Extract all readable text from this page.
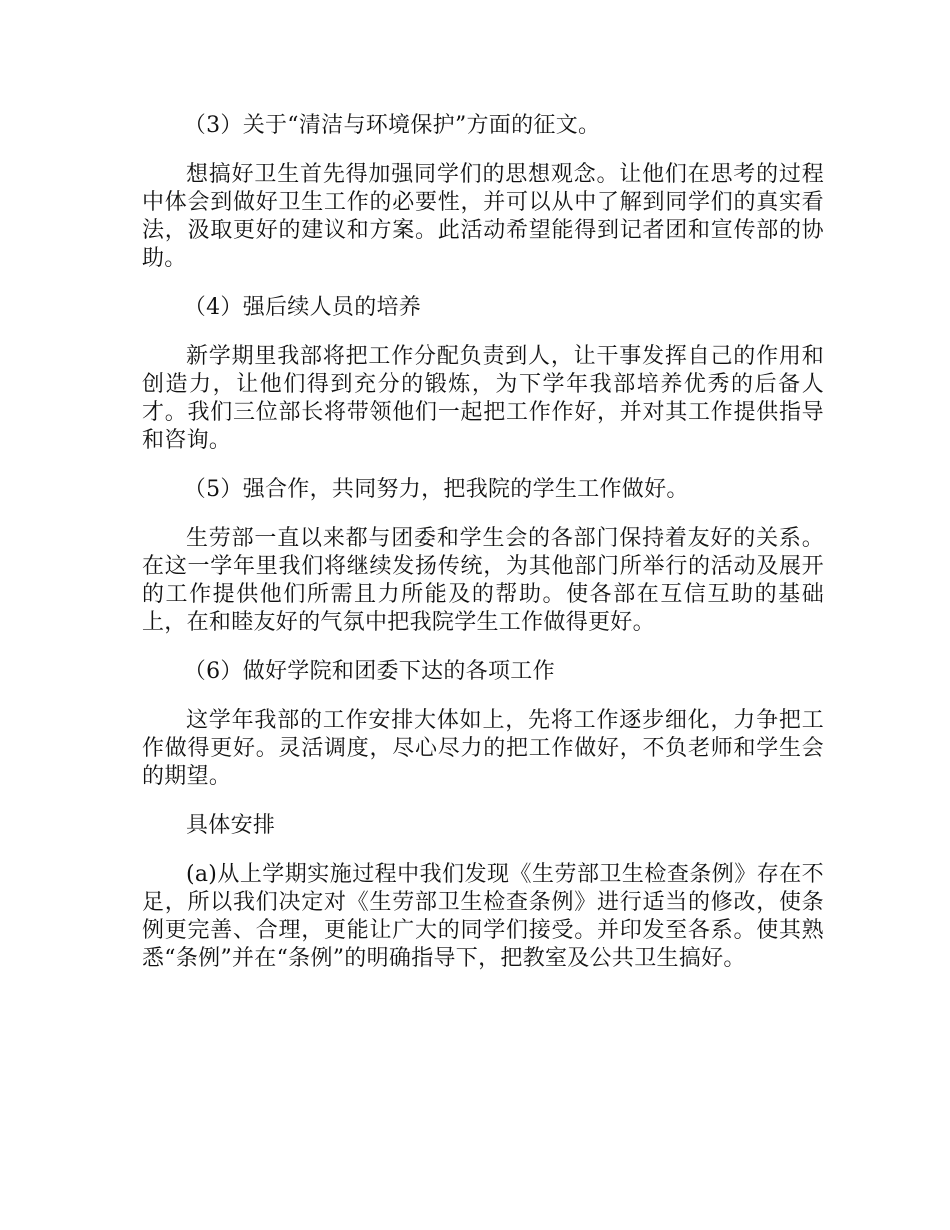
（3）关于“清洁与环境保护”方面的征文。

想搞好卫生首先得加强同学们的思想观念。让他们在思考的过程中体会到做好卫生工作的必要性，并可以从中了解到同学们的真实看法，汲取更好的建议和方案。此活动希望能得到记者团和宣传部的协助。

（4）强后续人员的培养

新学期里我部将把工作分配负责到人，让干事发挥自己的作用和创造力，让他们得到充分的锻炼，为下学年我部培养优秀的后备人才。我们三位部长将带领他们一起把工作作好，并对其工作提供指导和咨询。

（5）强合作，共同努力，把我院的学生工作做好。

生劳部一直以来都与团委和学生会的各部门保持着友好的关系。在这一学年里我们将继续发扬传统，为其他部门所举行的活动及展开的工作提供他们所需且力所能及的帮助。使各部在互信互助的基础上，在和睦友好的气氛中把我院学生工作做得更好。

（6）做好学院和团委下达的各项工作

这学年我部的工作安排大体如上，先将工作逐步细化，力争把工作做得更好。灵活调度，尽心尽力的把工作做好，不负老师和学生会的期望。

具体安排

(a)从上学期实施过程中我们发现《生劳部卫生检查条例》存在不足，所以我们决定对《生劳部卫生检查条例》进行适当的修改，使条例更完善、合理，更能让广大的同学们接受。并印发至各系。使其熟悉“条例”并在“条例”的明确指导下，把教室及公共卫生搞好。
